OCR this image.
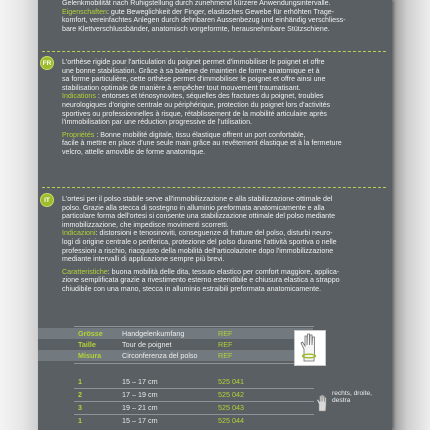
Gelenkmobilität nach Ruhigstellung durch zunehmend kürzere Anwendungsintervalle.

Eigenschaften: gute Beweglichkeit der Finger, elastisches Gewebe für erhöhten Trage-

komfort, vereinfachtes Anlegen durch dehnbaren Aussenbezug und einhändig verschliess-

bare Klettverschlussbänder, anatomisch vorgeformte, herausnehmbare Stützschiene.

FR	L'orthèse rigide pour l'articulation du poignet permet d'immobiliser le poignet et offre

une bonne stabilisation. Grâce à sa baleine de maintien de forme anatomique et à

sa forme particulière, cette orthèse permet d'immobiliser le poignet et offre ainsi une

stabilisation optimale de manière à empêcher tout mouvement traumatisant.

Indications : entorses et ténosynovites, séquelles des fractures du poignet, troubles

neurologiques d'origine centrale ou périphérique, protection du poignet lors d'activités

sportives ou professionnelles à risque, rétablissement de la mobilité articulaire après

l'immobilisation par une réduction progressive de l'utilisation.

Propriétés : Bonne mobilité digitale, tissu élastique offrent un port confortable,

facile à mettre en place d'une seule main grâce au revêtement élastique et à la fermeture

velcro, attelle amovible de forme anatomique.

IT	L'ortesi per il polso stabile serve all'immobilizzazione e alla stabilizzazione ottimale del

polso. Grazie alla stecca di sostegno in alluminio preformata anatomicamente e alla

particolare forma dell'ortesi si consente una stabilizzazione ottimale del polso mediante

immobilizzazione, che impedisce movimenti scorretti.

Indicazioni: distorsioni e tenosinoviti, conseguenze di fratture del polso, disturbi neuro-

logi di origine centrale o periferica, protezione del polso durante l'attività sportiva o nelle

professioni a rischio, riacquisto della mobilità dell'articolazione dopo l'immobilizzazione

mediante intervalli di applicazione sempre più brevi.

Caratteristiche: buona mobilità delle dita, tessuto elastico per comfort maggiore, applica-

zione semplificata grazie a rivestimento esterno estendibile e chiusura elastica a strappo

chiudibile con una mano, stecca in alluminio estraibili preformata anatomicamente.

Grösse	Handgelenkumfang	REF
Taille	Tour de poignet	REF
Misura	Circonferenza del polso	REF
1	15 – 17 cm	525 041
2	17 – 19 cm	525 042
3	19 – 21 cm	525 043
1	15 – 17 cm	525 044
rechts, droite, destra
